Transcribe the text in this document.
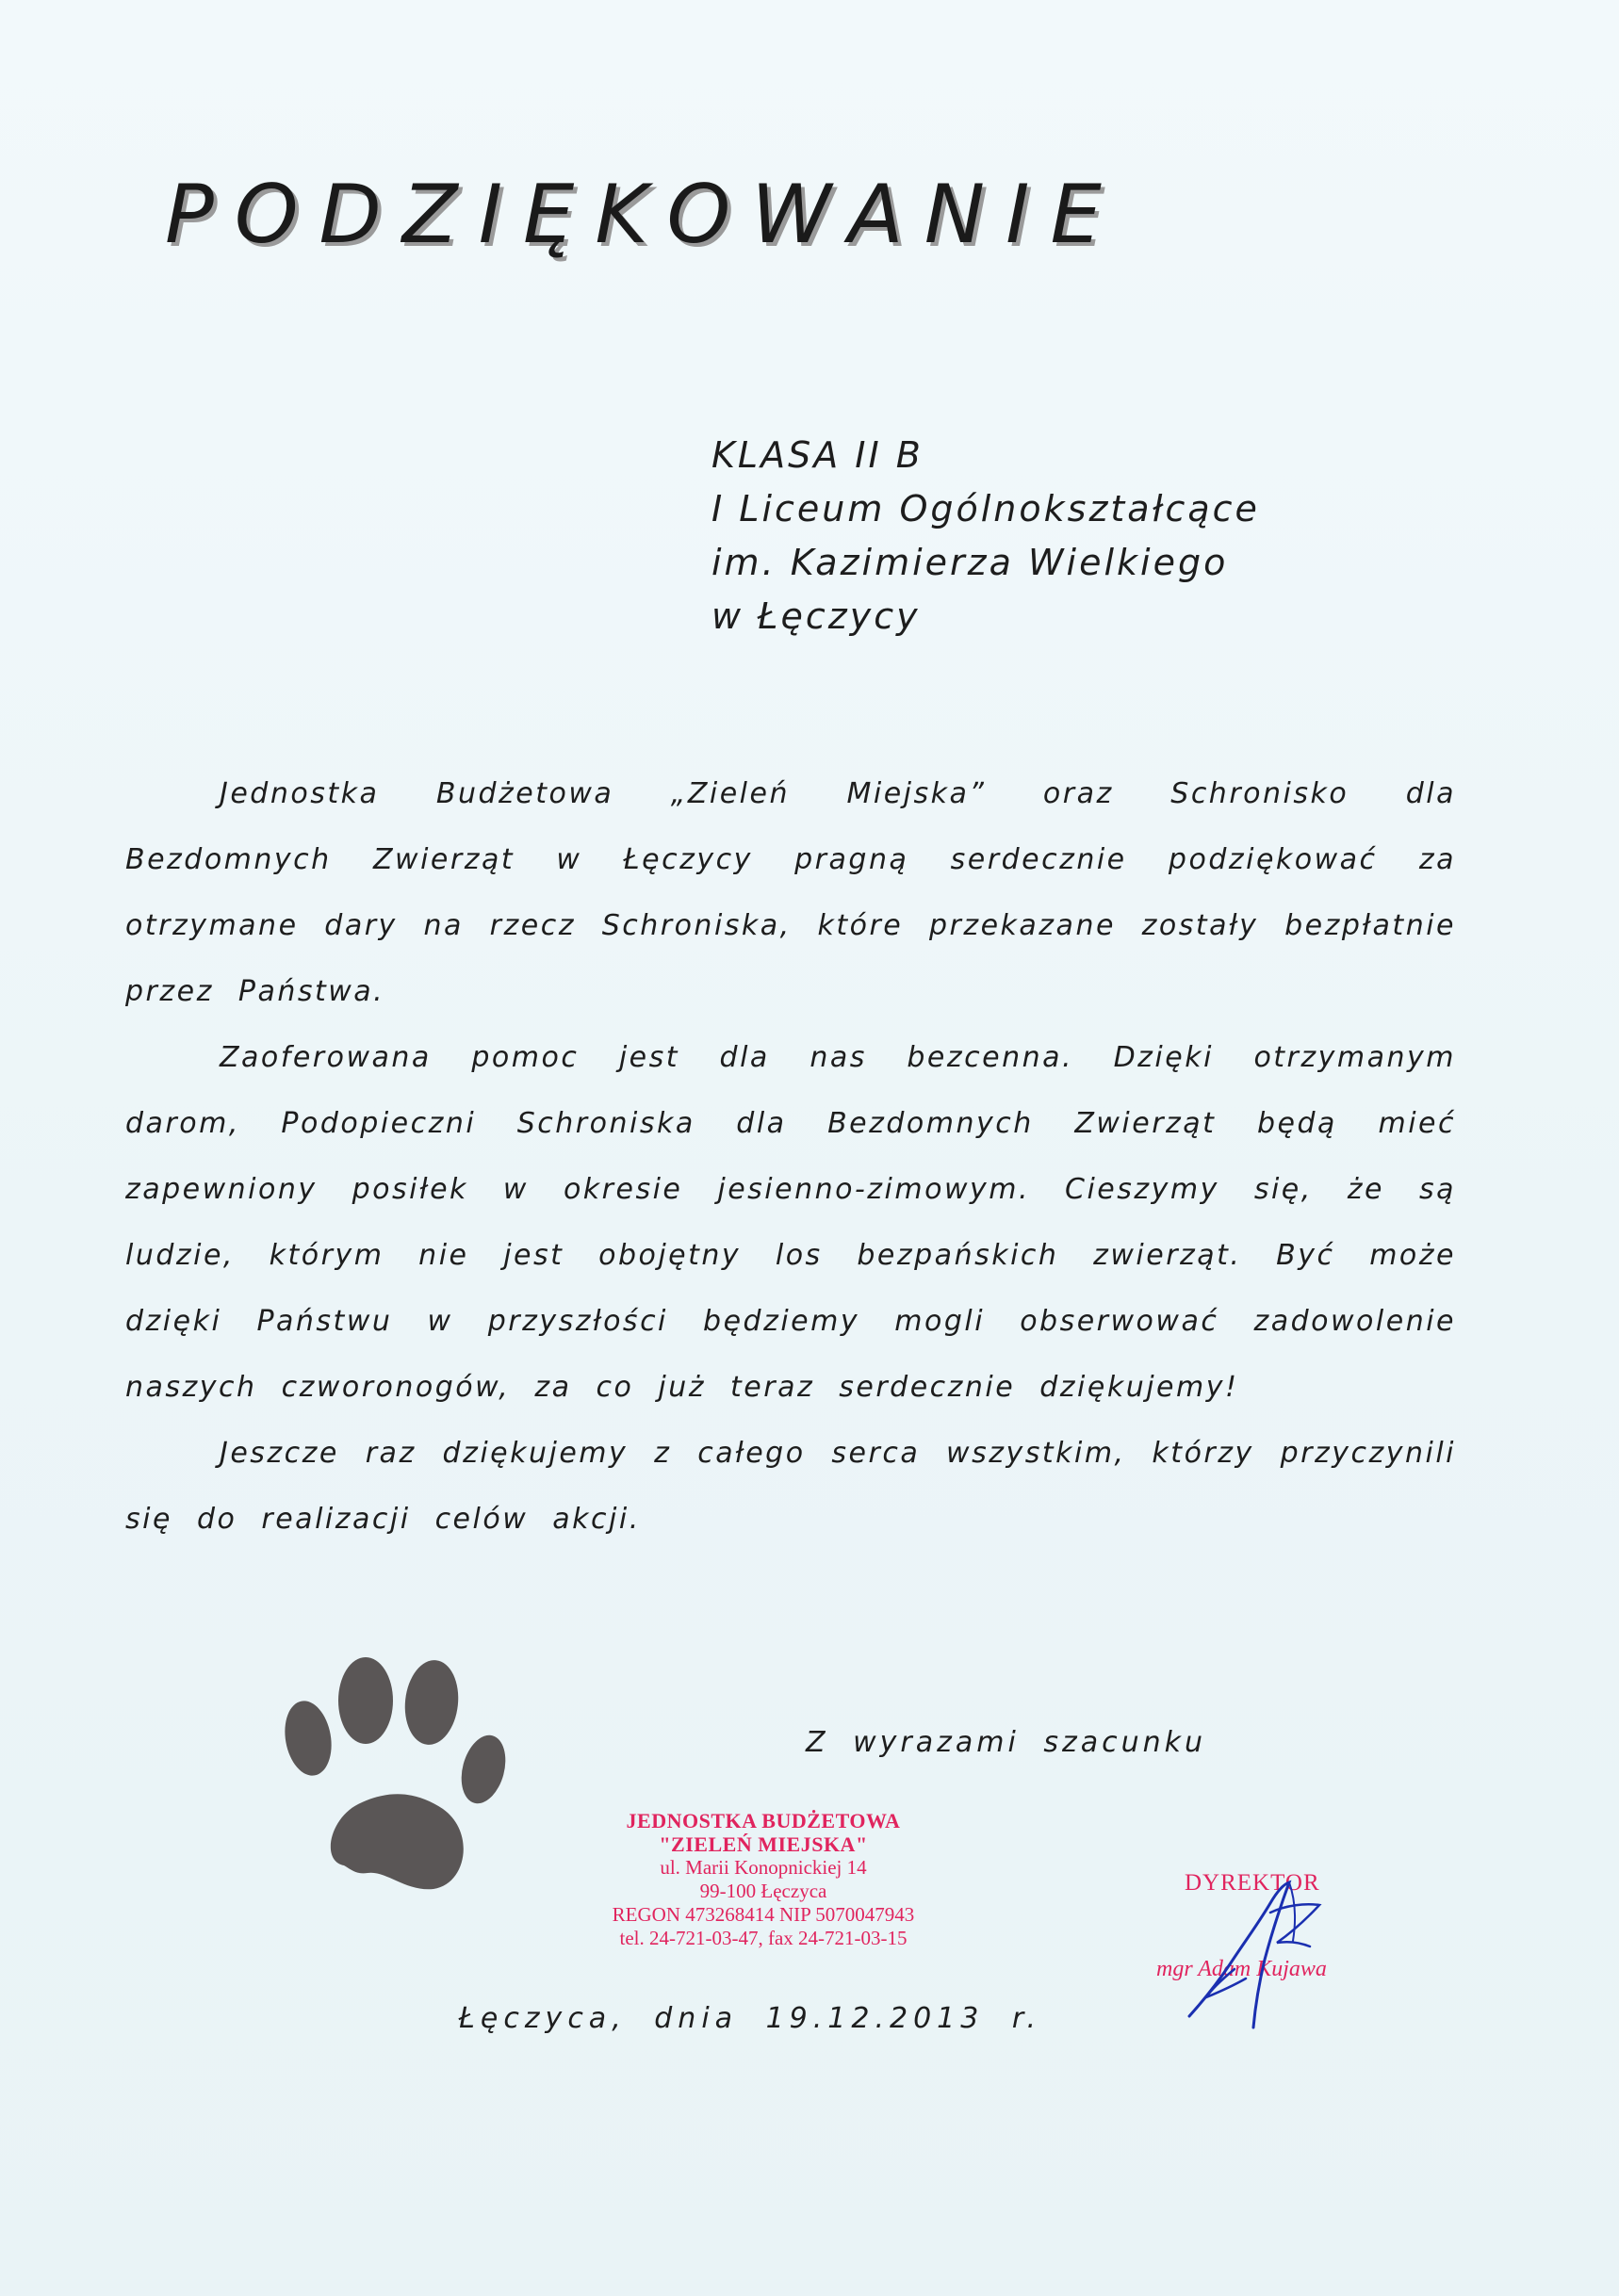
PODZIĘKOWANIE
KLASA II B
I Liceum Ogólnokształcące
im. Kazimierza Wielkiego
w Łęczycy

Jednostka Budżetowa „Zieleń Miejska” oraz Schronisko dla Bezdomnych Zwierząt w Łęczycy pragną serdecznie podziękować za otrzymane dary na rzecz Schroniska, które przekazane zostały bezpłatnie przez Państwa.

Zaoferowana pomoc jest dla nas bezcenna. Dzięki otrzymanym darom, Podopieczni Schroniska dla Bezdomnych Zwierząt będą mieć zapewniony posiłek w okresie jesienno-zimowym. Cieszymy się, że są ludzie, którym nie jest obojętny los bezpańskich zwierząt. Być może dzięki Państwu w przyszłości będziemy mogli obserwować zadowolenie naszych czworonogów, za co już teraz serdecznie dziękujemy!

Jeszcze raz dziękujemy z całego serca wszystkim, którzy przyczynili się do realizacji celów akcji.

Z wyrazami szacunku
JEDNOSTKA BUDŻETOWA
"ZIELEŃ MIEJSKA"
ul. Marii Konopnickiej 14
99-100 Łęczyca
REGON 473268414 NIP 5070047943
tel. 24-721-03-47, fax 24-721-03-15
DYREKTOR
mgr Adam Kujawa
Łęczyca, dnia 19.12.2013 r.
